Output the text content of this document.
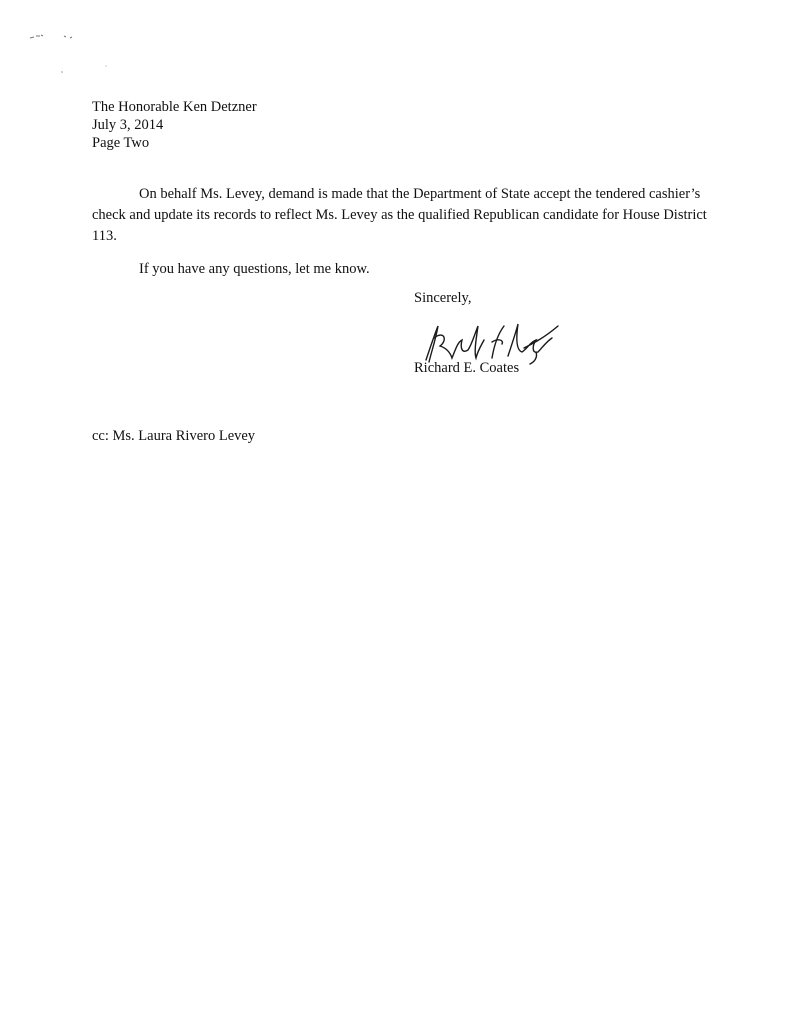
The Honorable Ken Detzner
July 3, 2014
Page Two

On behalf Ms. Levey, demand is made that the Department of State accept the tendered cashier’s check and update its records to reflect Ms. Levey as the qualified Republican candidate for House District 113.

If you have any questions, let me know.

Sincerely,
Richard E. Coates
cc: Ms. Laura Rivero Levey
